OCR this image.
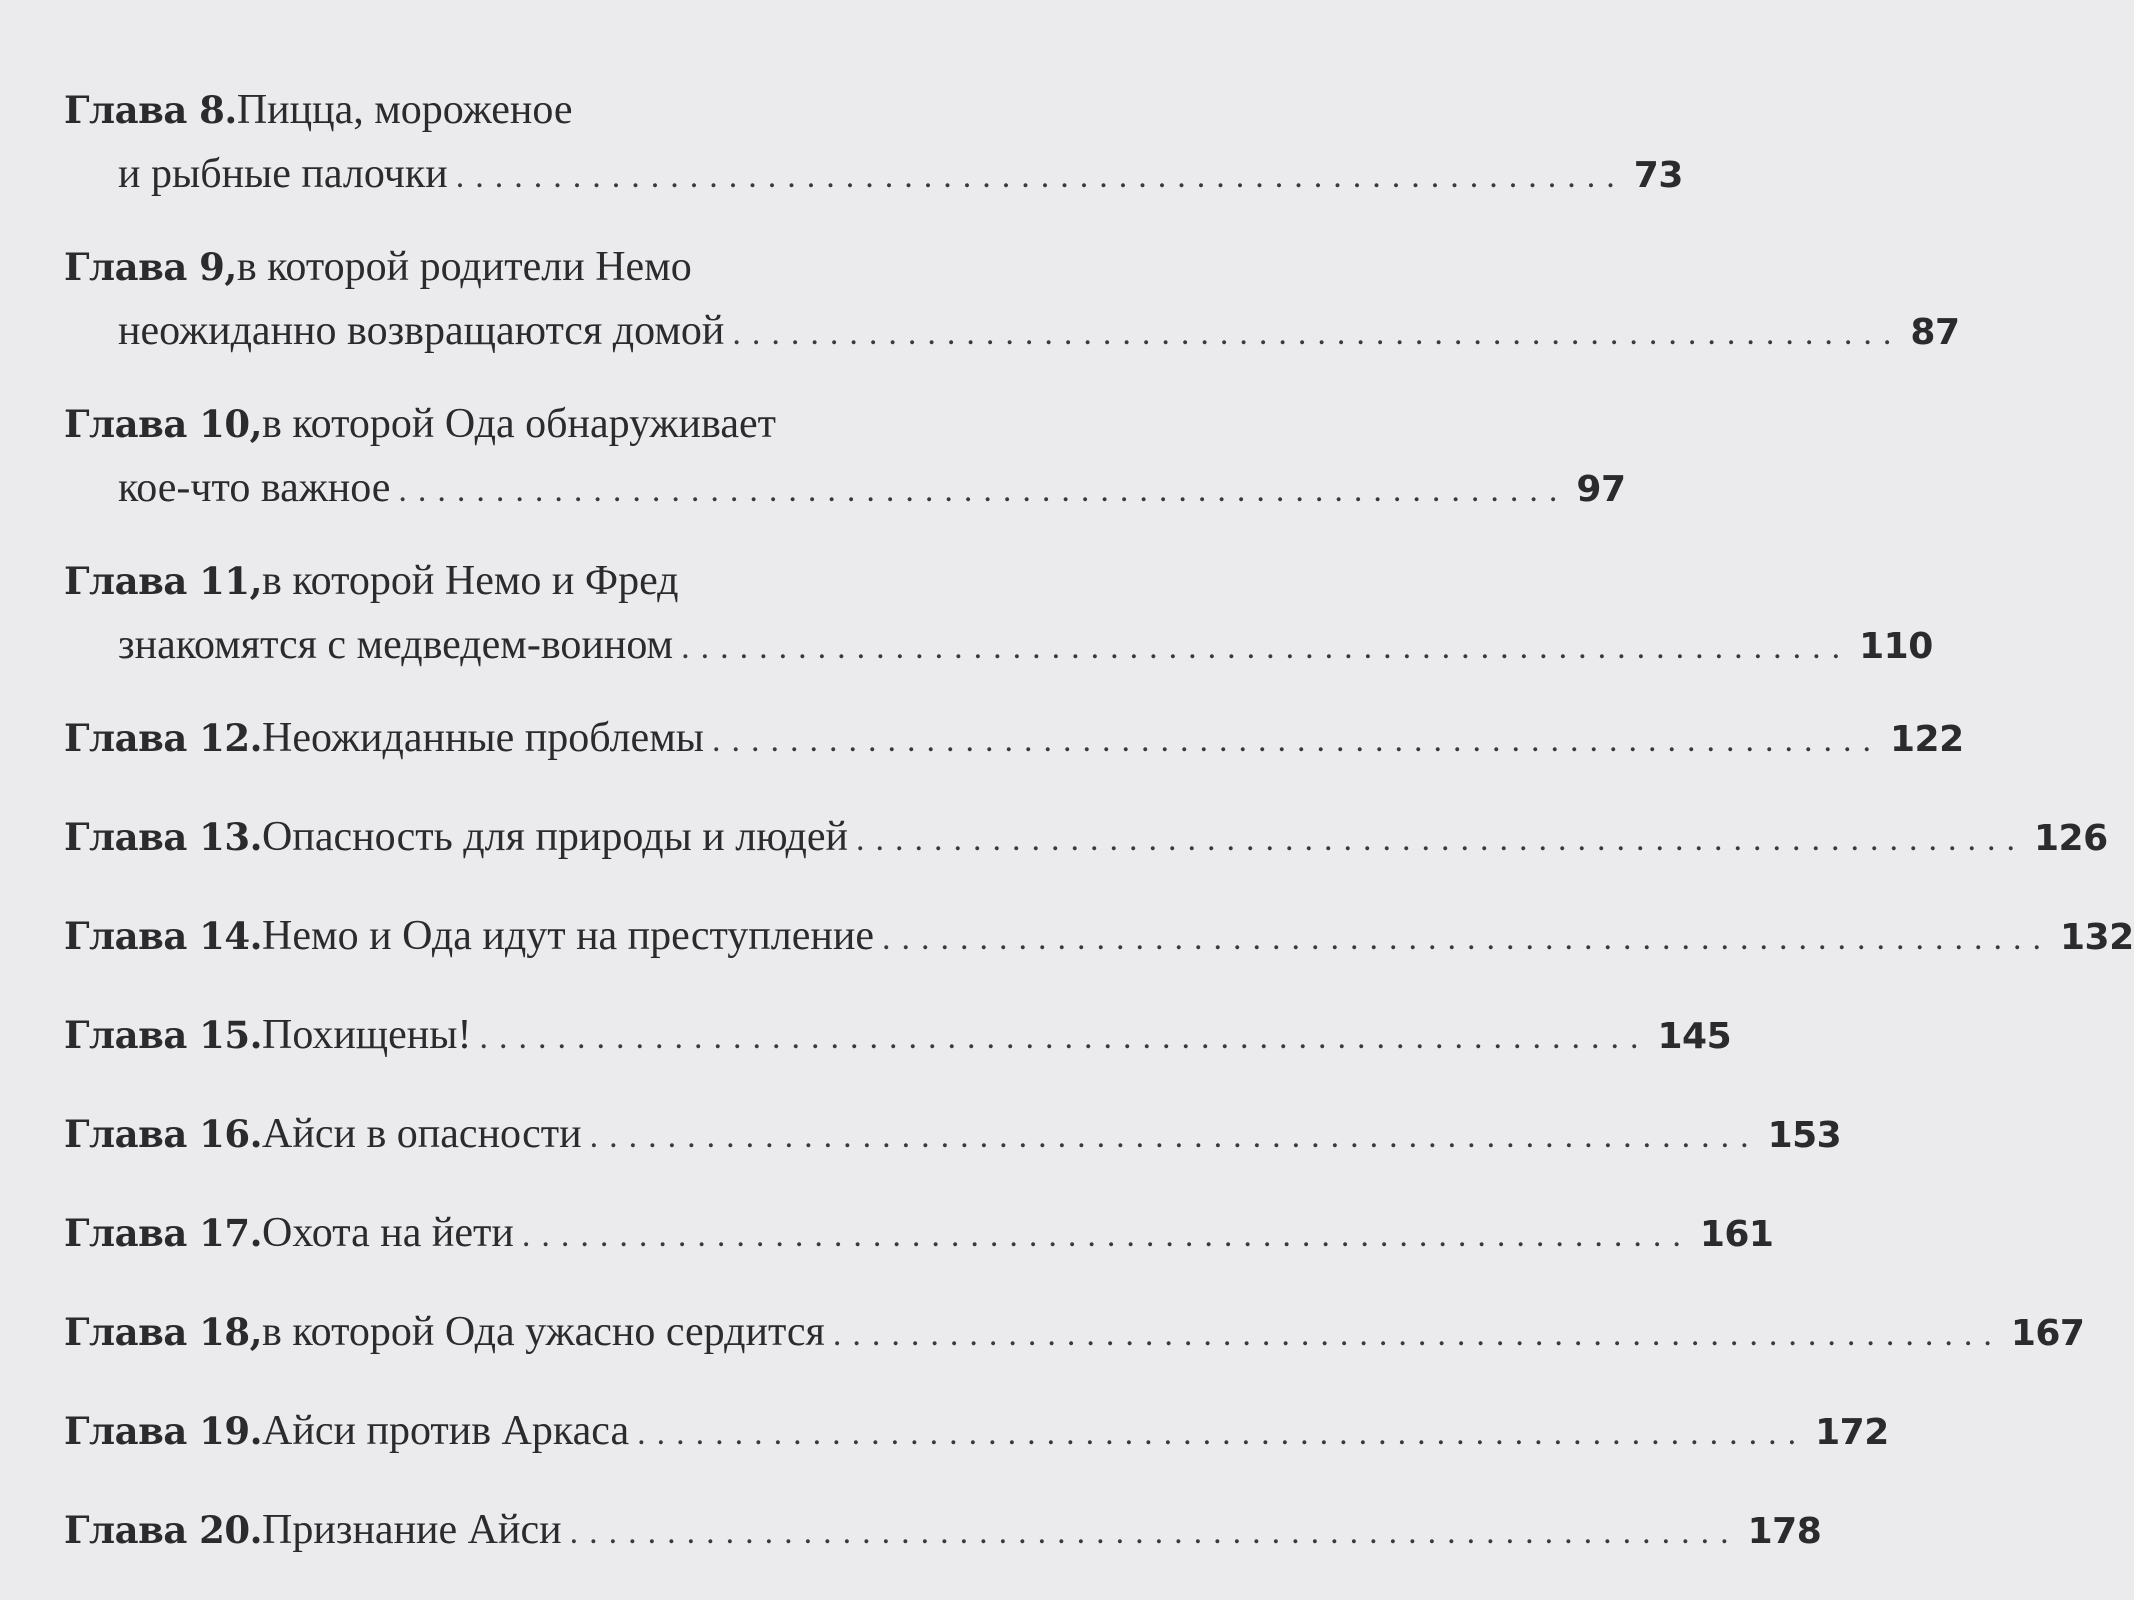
Глава 8. Пицца, мороженое
и рыбные палочки ............................................................ 73
Глава 9, в которой родители Немо
неожиданно возвращаются домой ............................................................ 87
Глава 10, в которой Ода обнаруживает
кое-что важное ............................................................ 97
Глава 11, в которой Немо и Фред
знакомятся с медведем-воином ............................................................ 110
Глава 12. Неожиданные проблемы ............................................................ 122
Глава 13. Опасность для природы и людей ............................................................ 126
Глава 14. Немо и Ода идут на преступление ............................................................ 132
Глава 15. Похищены! ............................................................ 145
Глава 16. Айси в опасности ............................................................ 153
Глава 17. Охота на йети ............................................................ 161
Глава 18, в которой Ода ужасно сердится ............................................................ 167
Глава 19. Айси против Аркаса ............................................................ 172
Глава 20. Признание Айси ............................................................ 178
